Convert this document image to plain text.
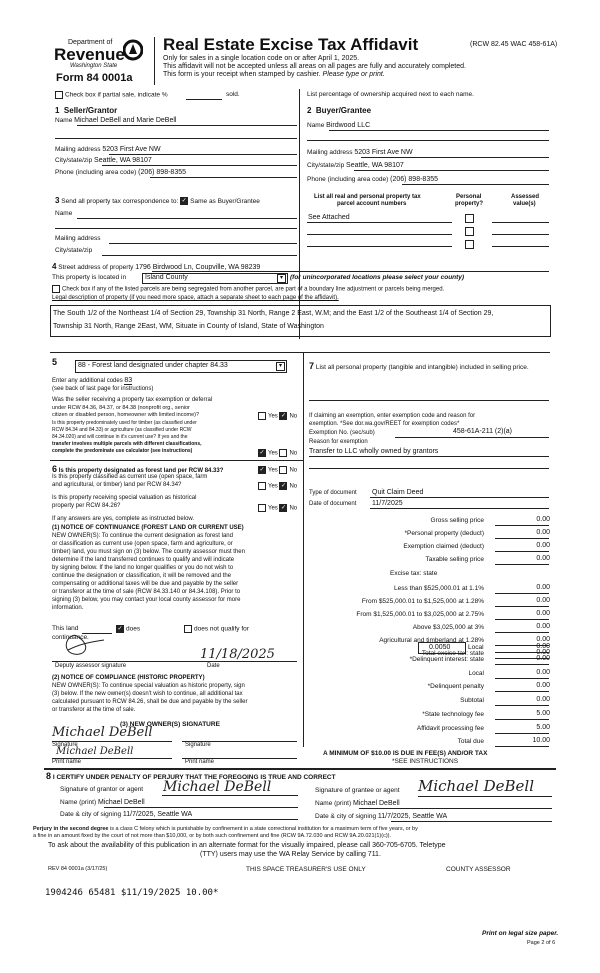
Department of
Revenue
Washington State
Form 84 0001a
Real Estate Excise Tax Affidavit	(RCW 82.45 WAC 458-61A)
Only for sales in a single location code on or after April 1, 2025.
This affidavit will not be accepted unless all areas on all pages are fully and accurately completed.
This form is your receipt when stamped by cashier. Please type or print.
Check box if partial sale, indicate %	sold.	List percentage of ownership acquired next to each name.
1 Seller/Grantor
Name Michael DeBell and Marie DeBell
Mailing address 5203 First Ave NW
City/state/zip Seattle, WA 98107
Phone (including area code) (206) 898-8355
2 Buyer/Grantee
Name Birdwood LLC
Mailing address 5203 First Ave NW
City/state/zip Seattle, WA 98107
Phone (including area code) (206) 898-8355
3 Send all property tax correspondence to: ✓ Same as Buyer/Grantee
Name
Mailing address
City/state/zip
List all real and personal property tax
parcel account numbers
Personal
property?
Assessed
value(s)
See Attached
4 Street address of property 1796 Birdwood Ln, Coupville, WA 98239
This property is located in	Island County	▾	(for unincorporated locations please select your county)
Check box if any of the listed parcels are being segregated from another parcel, are part of a boundary line adjustment or parcels being merged.
Legal description of property (if you need more space, attach a separate sheet to each page of the affidavit).
The South 1/2 of the Northeast 1/4 of Section 29, Township 31 North, Range 2 East, W.M; and the East 1/2 of the Southeast 1/4 of Section 29,
Township 31 North, Range 2East, WM, Situate in County of Island, State of Washington
5	88 - Forest land designated under chapter 84.33	▾
Enter any additional codes 83
(see back of last page for instructions)
Was the seller receiving a property tax exemption or deferral
under RCW 84.36, 84.37, or 84.38 (nonprofit org., senior
citizen or disabled person, homeowner with limited income)?	Yes ✓ No
Is this property predominately used for timber (as classified under
RCW 84.34 and 84.33) or agriculture (as classified under RCW
84.34.020) and will continue in it's current use? If yes and the
transfer involves multiple parcels with different classifications,
complete the predominate use calculator (see instructions)	✓ Yes No
6 Is this property designated as forest land per RCW 84.33?	✓ Yes No
Is this property classified as current use (open space, farm
and agricultural, or timber) land per RCW 84.34?	Yes ✓ No
Is this property receiving special valuation as historical
property per RCW 84.26?	Yes ✓ No
If any answers are yes, complete as instructed below.
(1) NOTICE OF CONTINUANCE (FOREST LAND OR CURRENT USE)
NEW OWNER(S): To continue the current designation as forest land
or classification as current use (open space, farm and agriculture, or
timber) land, you must sign on (3) below. The county assessor must then
determine if the land transferred continues to qualify and will indicate
by signing below. If the land no longer qualifies or you do not wish to
continue the designation or classification, it will be removed and the
compensating or additional taxes will be due and payable by the seller
or transferor at the time of sale (RCW 84.33.140 or 84.34.108). Prior to
signing (3) below, you may contact your local county assessor for more
information.
This land	✓ does	does not qualify for
continuance.
11/18/2025
Deputy assessor signature	Date
(2) NOTICE OF COMPLIANCE (HISTORIC PROPERTY)
NEW OWNER(S): To continue special valuation as historic property, sign
(3) below. If the new owner(s) doesn't wish to continue, all additional tax
calculated pursuant to RCW 84.26, shall be due and payable by the seller
or transferor at the time of sale.
(3) NEW OWNER(S) SIGNATURE
Michael DeBell
Signature	Signature
Michael DeBell
Print name	Print name
7 List all personal property (tangible and intangible) included in selling price.
If claiming an exemption, enter exemption code and reason for
exemption. *See dor.wa.gov/REET for exemption codes*
Exemption No. (sec/sub)	458-61A-211 (2)(a)
Reason for exemption
Transfer to LLC wholly owned by grantors
Type of document Quit Claim Deed
Date of document 11/7/2025
Gross selling price	0.00
*Personal property (deduct)	0.00
Exemption claimed (deduct)	0.00
Taxable selling price	0.00
Less than $525,000.01 at 1.1%	0.00
From $525,000.01 to $1,525,000 at 1.28%	0.00
From $1,525,000.01 to $3,025,000 at 2.75%	0.00
Above $3,025,000 at 3%	0.00
Agricultural and timberland at 1.28%	0.00
Total excise tax: state	0.00
*Delinquent interest: state	0.00
Local	0.00
*Delinquent penalty	0.00
Subtotal	0.00
*State technology fee	5.00
Affidavit processing fee	5.00
Total due	10.00
Excise tax: state
0.0050	Local	0.00
A MINIMUM OF $10.00 IS DUE IN FEE(S) AND/OR TAX
*SEE INSTRUCTIONS
8 I CERTIFY UNDER PENALTY OF PERJURY THAT THE FOREGOING IS TRUE AND CORRECT
Signature of grantor or agent Michael DeBell
Name (print) Michael DeBell
Date & city of signing 11/7/2025, Seattle WA
Signature of grantee or agent Michael DeBell
Name (print) Michael DeBell
Date & city of signing 11/7/2025, Seattle WA
Perjury in the second degree is a class C felony which is punishable by confinement in a state correctional institution for a maximum term of five years, or by
a fine in an amount fixed by the court of not more than $10,000, or by both such confinement and fine (RCW 9A.72.030 and RCW 9A.20.021(1)(c)).
To ask about the availability of this publication in an alternate format for the visually impaired, please call 360-705-6705. Teletype
(TTY) users may use the WA Relay Service by calling 711.
REV 84 0001a (3/17/25)	THIS SPACE TREASURER'S USE ONLY	COUNTY ASSESSOR
1904246 65481 $11/19/2025 10.00*
Print on legal size paper.
Page 2 of 6
